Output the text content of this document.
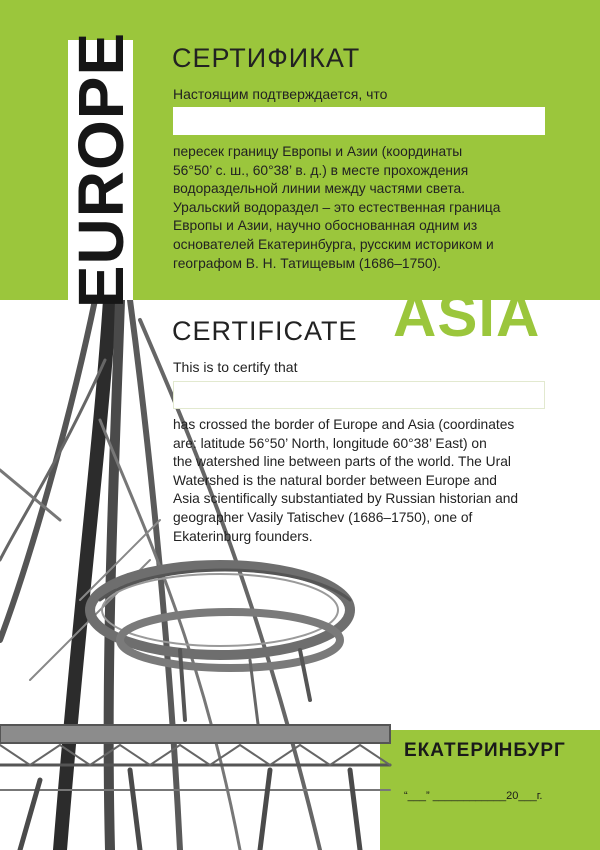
EUROPE СЕРТИФИКАТ
Настоящим подтверждается, что
пересек границу Европы и Азии (координаты
56°50’ с. ш., 60°38’ в. д.) в месте прохождения
водораздельной линии между частями света.
Уральский водораздел – это естественная граница
Европы и Азии, научно обоснованная одним из
основателей Екатеринбурга, русским историком и
географом В. Н. Татищевым (1686–1750).
ASIA
CERTIFICATE
This is to certify that
has crossed the border of Europe and Asia (coordinates
are: latitude 56°50’ North, longitude 60°38’ East) on
the watershed line between parts of the world. The Ural
Watershed is the natural border between Europe and
Asia scientifically substantiated by Russian historian and
geographer Vasily Tatischev (1686–1750), one of
Ekaterinburg founders.
ЕКАТЕРИНБУРГ
“___” ____________20___г.
